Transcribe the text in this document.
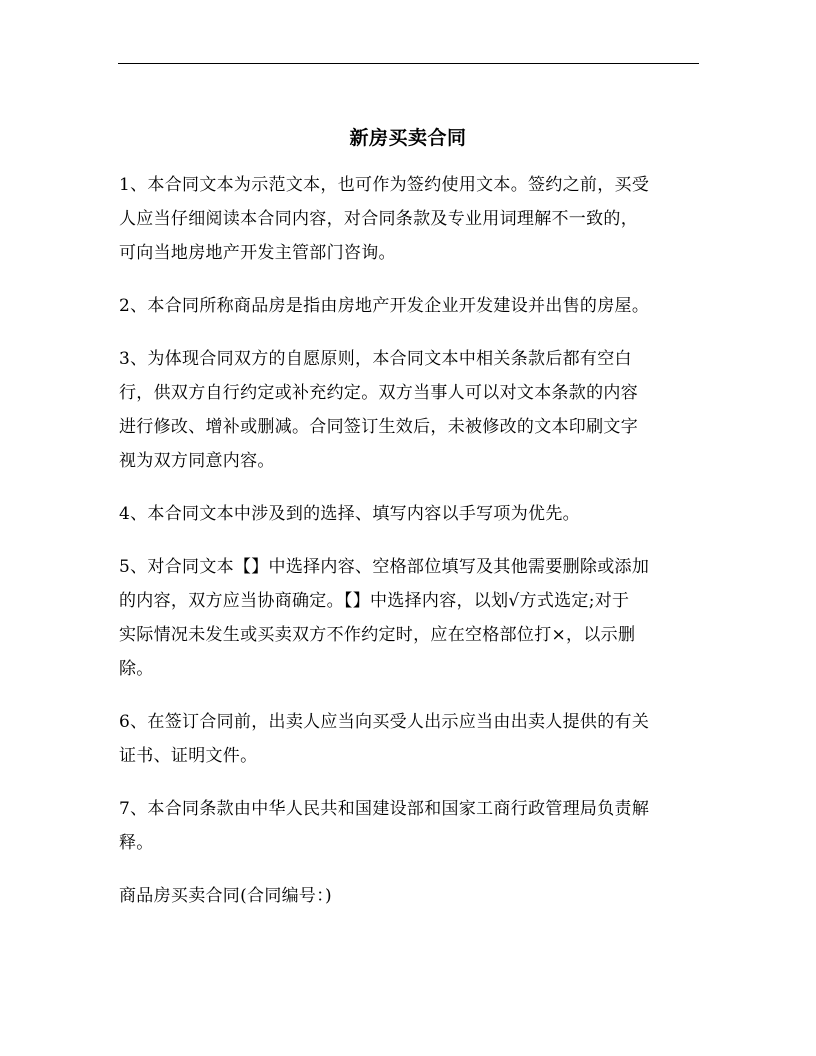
新房买卖合同

1、本合同文本为示范文本，也可作为签约使用文本。签约之前，买受
人应当仔细阅读本合同内容，对合同条款及专业用词理解不一致的，
可向当地房地产开发主管部门咨询。

2、本合同所称商品房是指由房地产开发企业开发建设并出售的房屋。

3、为体现合同双方的自愿原则，本合同文本中相关条款后都有空白
行，供双方自行约定或补充约定。双方当事人可以对文本条款的内容
进行修改、增补或删减。合同签订生效后，未被修改的文本印刷文字
视为双方同意内容。

4、本合同文本中涉及到的选择、填写内容以手写项为优先。

5、对合同文本【】中选择内容、空格部位填写及其他需要删除或添加
的内容，双方应当协商确定。【】中选择内容，以划√方式选定;对于
实际情况未发生或买卖双方不作约定时，应在空格部位打×，以示删
除。

6、在签订合同前，出卖人应当向买受人出示应当由出卖人提供的有关
证书、证明文件。

7、本合同条款由中华人民共和国建设部和国家工商行政管理局负责解
释。

商品房买卖合同(合同编号：)
